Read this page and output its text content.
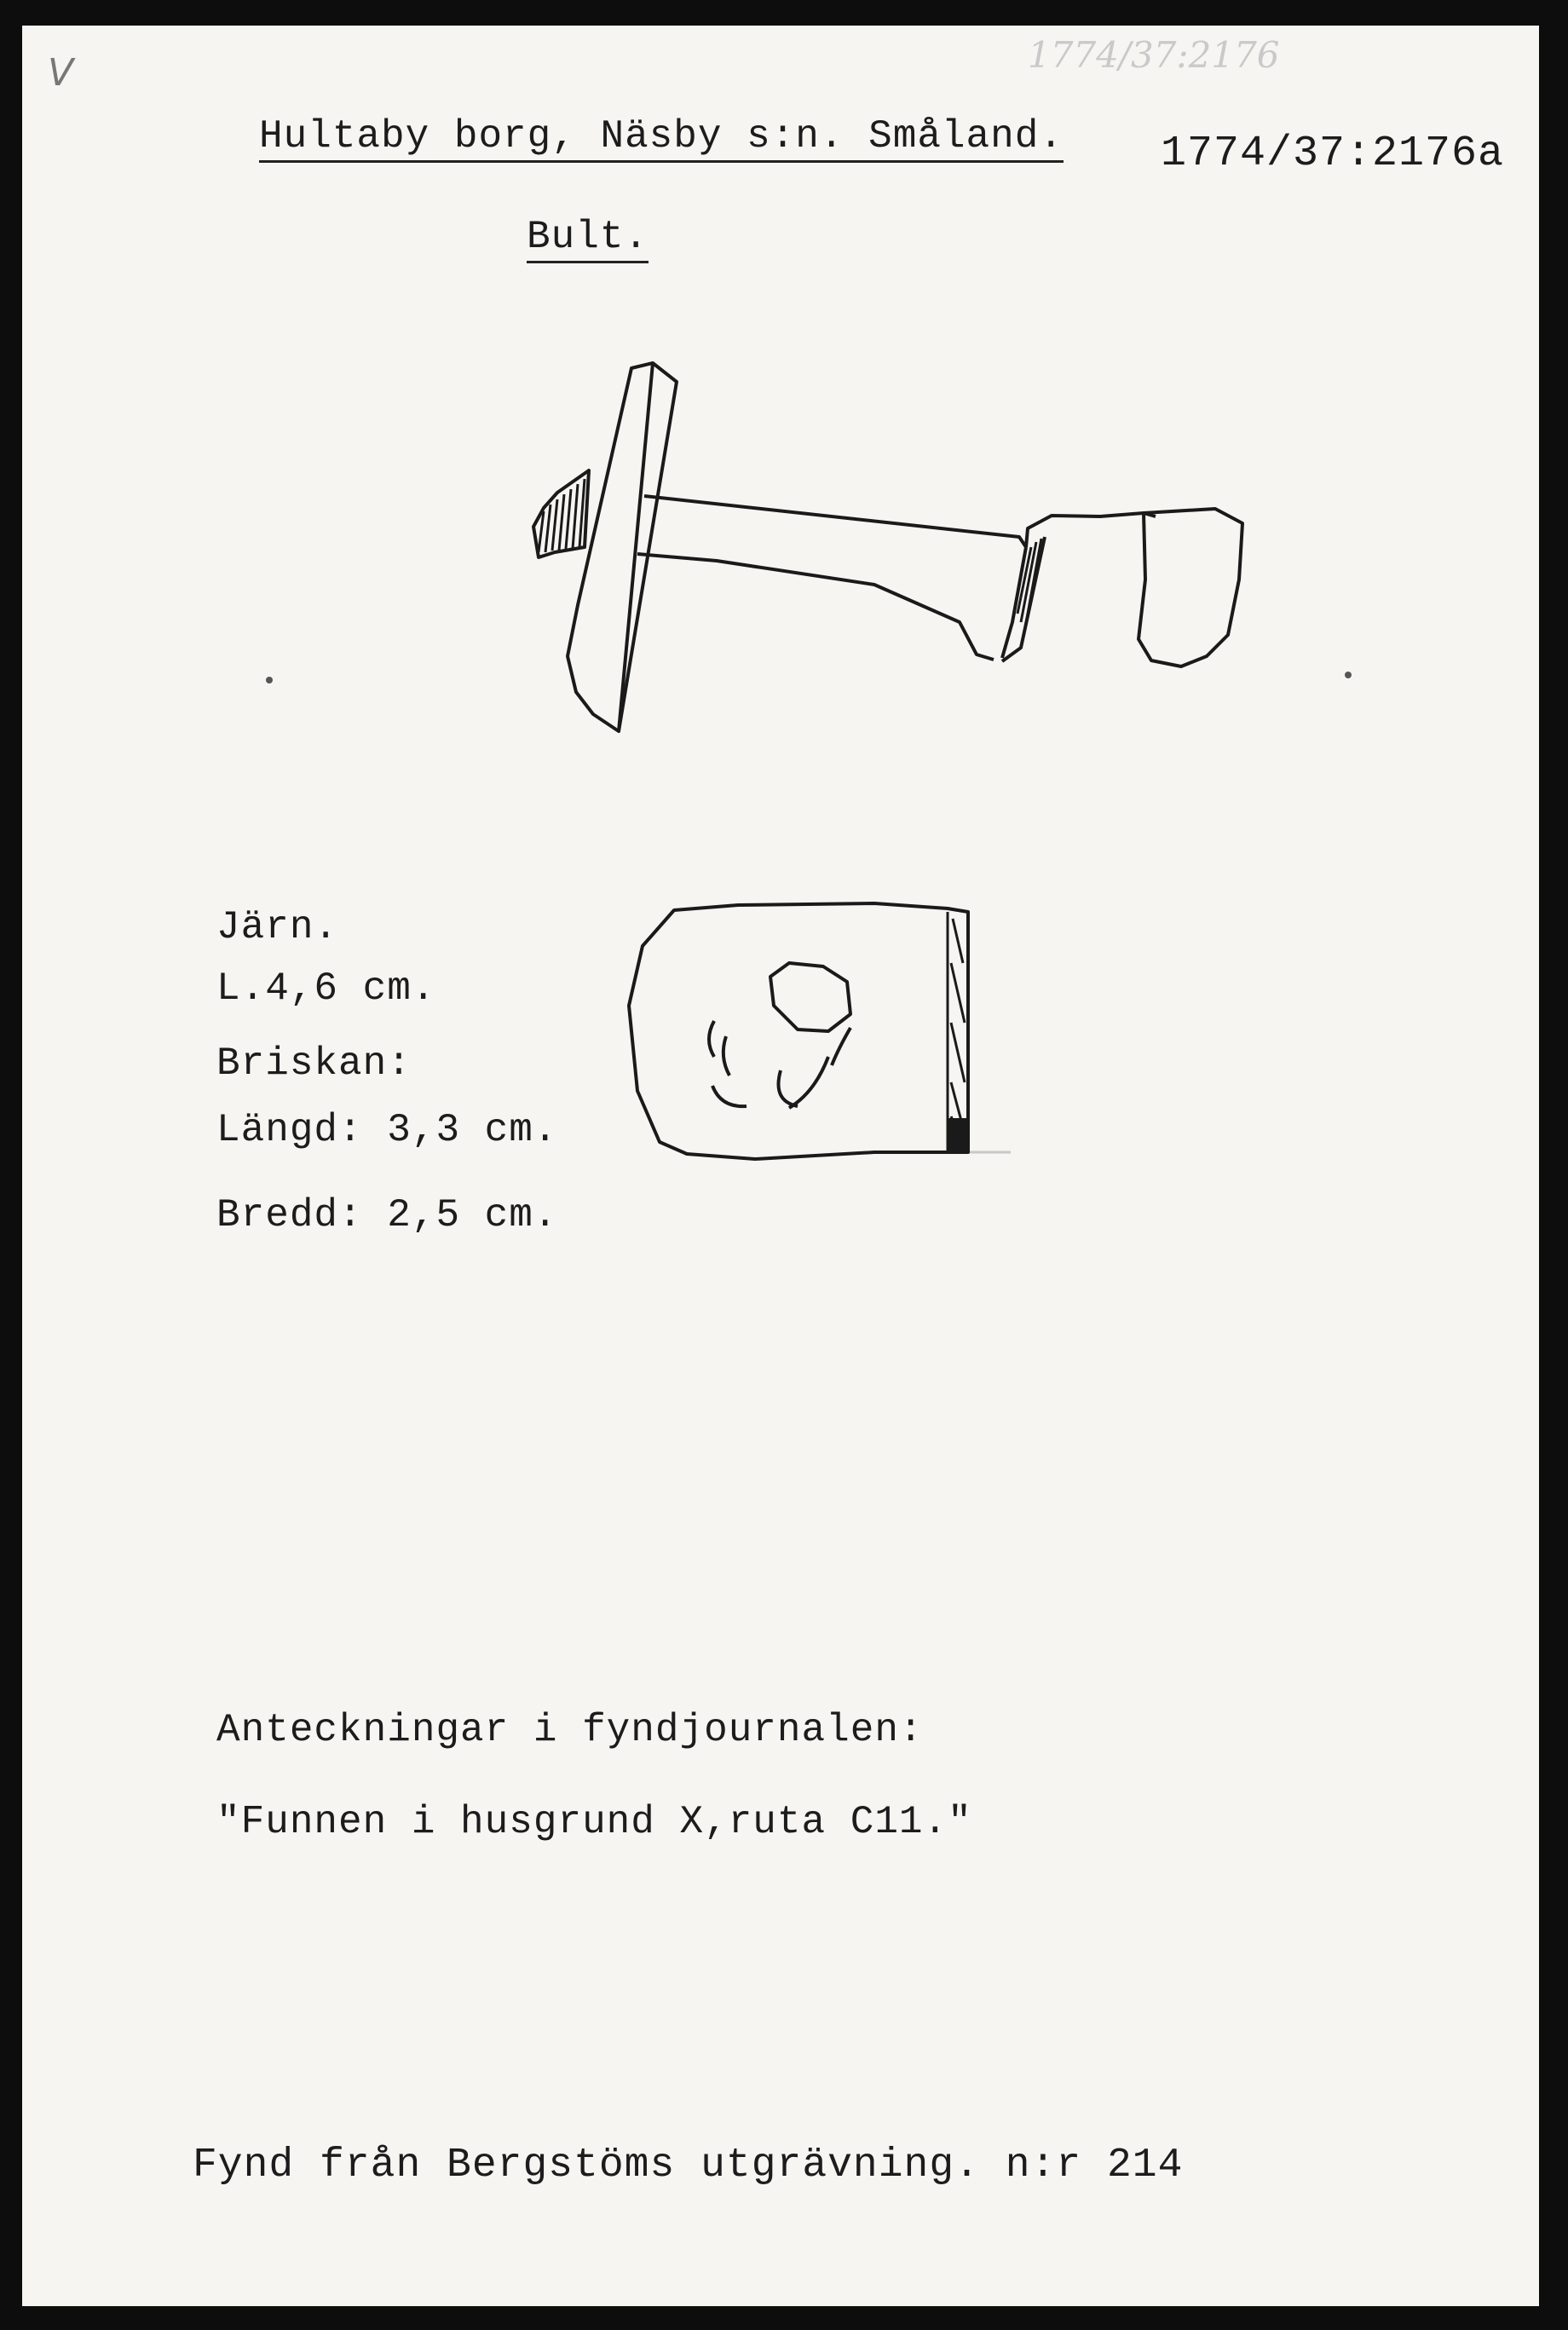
V	1774/37:2176
Hultaby borg, Näsby s:n. Småland. 1774/37:2176a
Bult.
Järn.
L.4,6 cm.
Briskan:
Längd: 3,3 cm.
Bredd: 2,5 cm.
Anteckningar i fyndjournalen:
"Funnen i husgrund X,ruta C11."
Fynd från Bergstöms utgrävning. n:r 214
